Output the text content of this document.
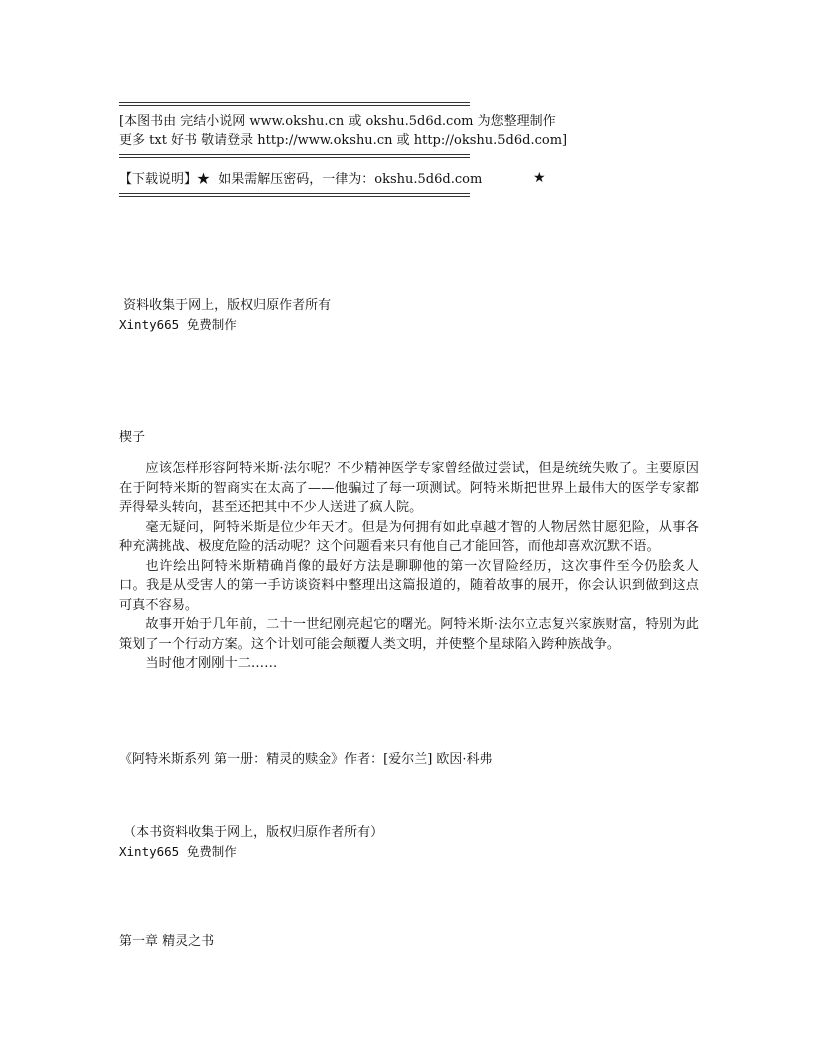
[本图书由 完结小说网 www.okshu.cn 或 okshu.5d6d.com 为您整理制作
更多 txt 好书 敬请登录 http://www.okshu.cn 或 http://okshu.5d6d.com]
【下载说明】★  如果需解压密码，一律为：okshu.5d6d.com	★
资料收集于网上，版权归原作者所有
Xinty665 免费制作
楔子

应该怎样形容阿特米斯·法尔呢？不少精神医学专家曾经做过尝试，但是统统失败了。主要原因在于阿特米斯的智商实在太高了——他骗过了每一项测试。阿特米斯把世界上最伟大的医学专家都弄得晕头转向，甚至还把其中不少人送进了疯人院。

毫无疑问，阿特米斯是位少年天才。但是为何拥有如此卓越才智的人物居然甘愿犯险，从事各种充满挑战、极度危险的活动呢？这个问题看来只有他自己才能回答，而他却喜欢沉默不语。

也许绘出阿特米斯精确肖像的最好方法是聊聊他的第一次冒险经历，这次事件至今仍脍炙人口。我是从受害人的第一手访谈资料中整理出这篇报道的，随着故事的展开，你会认识到做到这点可真不容易。

故事开始于几年前，二十一世纪刚亮起它的曙光。阿特米斯·法尔立志复兴家族财富，特别为此策划了一个行动方案。这个计划可能会颠覆人类文明，并使整个星球陷入跨种族战争。

当时他才刚刚十二……

《阿特米斯系列 第一册：精灵的赎金》作者：[爱尔兰] 欧因·科弗
（本书资料收集于网上，版权归原作者所有）
Xinty665 免费制作
第一章 精灵之书
